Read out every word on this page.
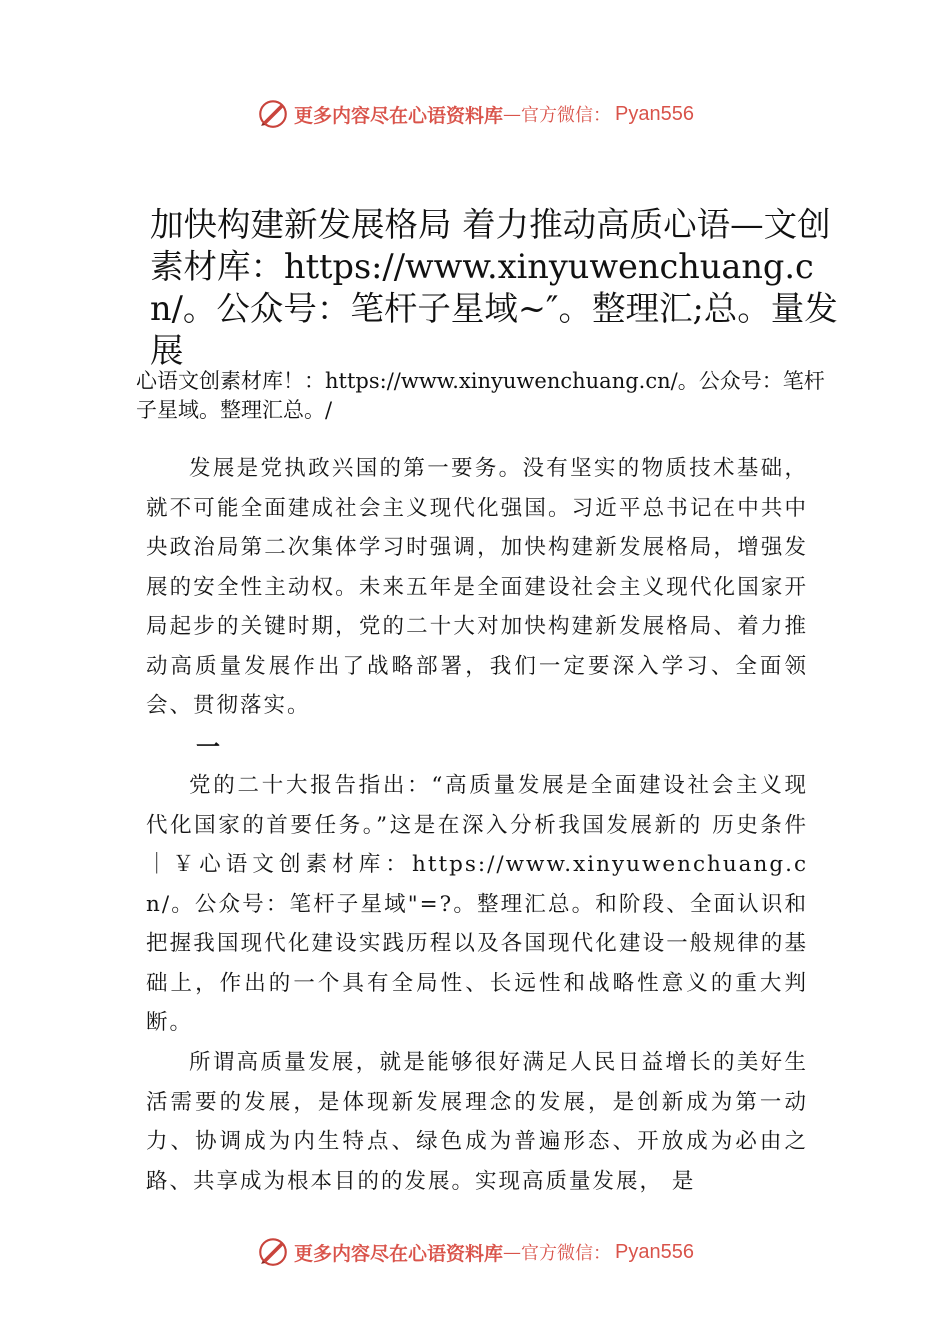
更多内容尽在心语资料库 — 官方微信： Pyan556
加快构建新发展格局 着力推动高质心语—文创素材库：https://www.xinyuwenchuang.cn/。公众号：笔杆子星域~″。整理汇;总。量发展

心语文创素材库！：https://www.xinyuwenchuang.cn/。公众号：笔杆子星域。整理汇总。/

发展是党执政兴国的第一要务。没有坚实的物质技术基础，就不可能全面建成社会主义现代化强国。习近平总书记在中共中央政治局第二次集体学习时强调，加快构建新发展格局，增强发展的安全性主动权。未来五年是全面建设社会主义现代化国家开局起步的关键时期，党的二十大对加快构建新发展格局、着力推动高质量发展作出了战略部署，我们一定要深入学习、全面领会、贯彻落实。

一

党的二十大报告指出：“高质量发展是全面建设社会主义现代化国家的首要任务。”这是在深入分析我国发展新的 历史条件｜￥心语文创素材库：https://www.xinyuwenchuang.cn/。公众号：笔杆子星域"=?。整理汇总。和阶段、全面认识和把握我国现代化建设实践历程以及各国现代化建设一般规律的基础上，作出的一个具有全局性、长远性和战略性意义的重大判断。

所谓高质量发展，就是能够很好满足人民日益增长的美好生活需要的发展，是体现新发展理念的发展，是创新成为第一动力、协调成为内生特点、绿色成为普遍形态、开放成为必由之路、共享成为根本目的的发展。实现高质量发展， 是

更多内容尽在心语资料库 — 官方微信： Pyan556
